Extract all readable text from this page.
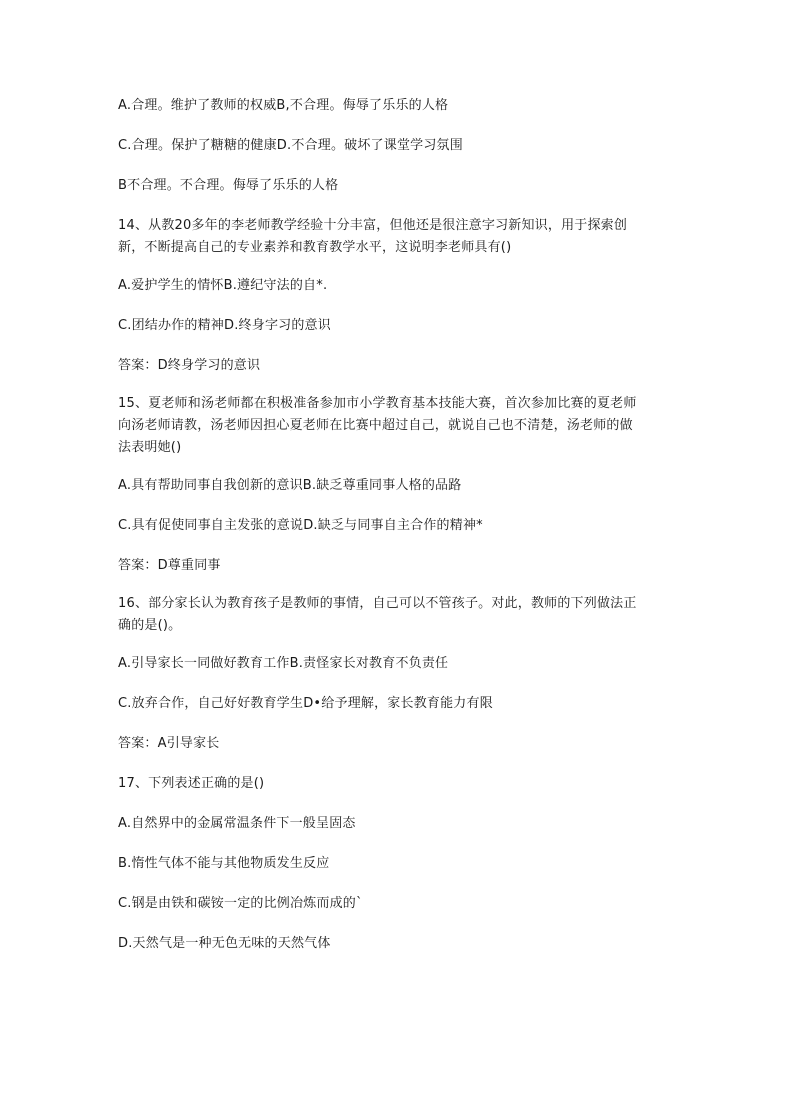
A.合理。维护了教师的权威B,不合理。侮辱了乐乐的人格
C.合理。保护了糖糖的健康D.不合理。破坏了课堂学习氛围
B不合理。不合理。侮辱了乐乐的人格
14、从教20多年的李老师教学经验十分丰富，但他还是很注意字习新知识，用于探索创
新，不断提高自己的专业素养和教育教学水平，这说明李老师具有()
A.爱护学生的情怀B.遵纪守法的自*.
C.团结办作的精神D.终身字习的意识
答案：D终身学习的意识
15、夏老师和汤老师都在积极准备参加市小学教育基本技能大赛，首次参加比赛的夏老师
向汤老师请教，汤老师因担心夏老师在比赛中超过自己，就说自己也不清楚，汤老师的做
法表明她()
A.具有帮助同事自我创新的意识B.缺乏尊重同事人格的品路
C.具有促使同事自主发张的意说D.缺乏与同事自主合作的精神*
答案：D尊重同事
16、部分家长认为教育孩子是教师的事情，自己可以不管孩子。对此，教师的下列做法正
确的是()。
A.引导家长一同做好教育工作B.责怪家长对教育不负责任
C.放弃合作，自己好好教育学生D•给予理解，家长教育能力有限
答案：A引导家长
17、下列表述正确的是()
A.自然界中的金属常温条件下一般呈固态
B.惰性气体不能与其他物质发生反应
C.钢是由铁和碳铵一定的比例冶炼而成的`
D.天然气是一种无色无味的天然气体
